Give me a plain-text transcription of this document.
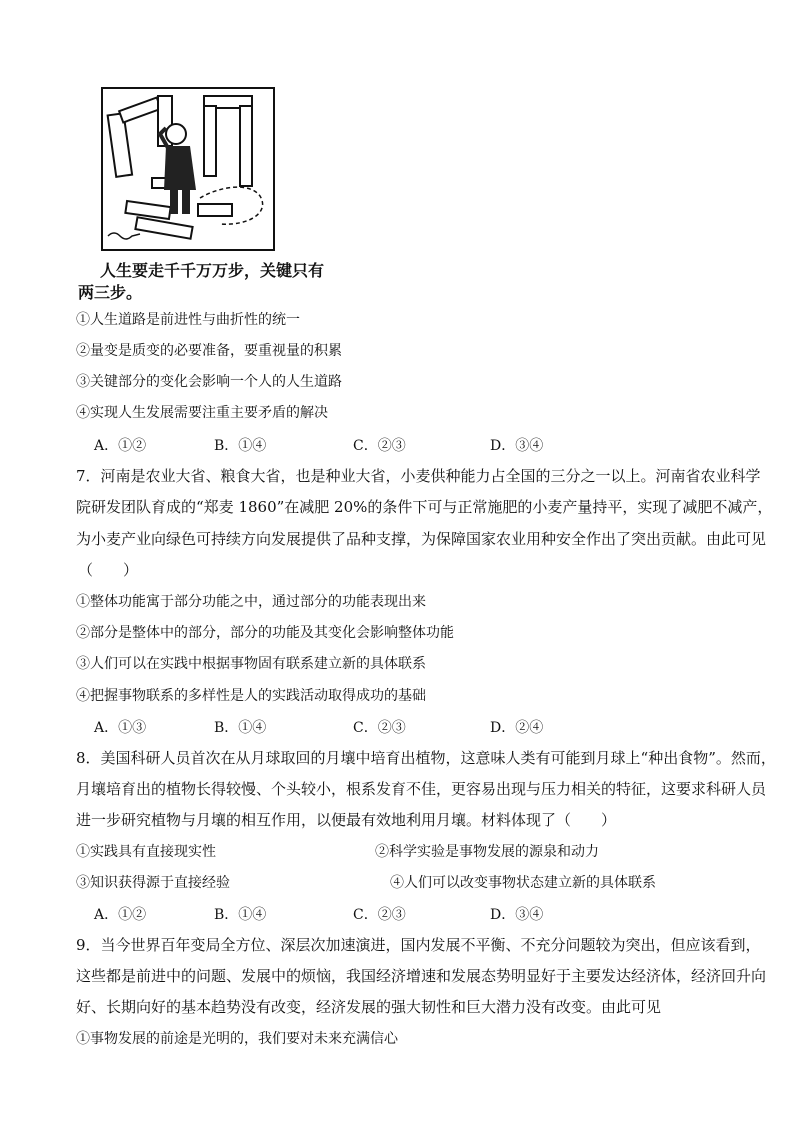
人生要走千千万万步，关键只有
两三步。
①人生道路是前进性与曲折性的统一
②量变是质变的必要准备，要重视量的积累
③关键部分的变化会影响一个人的人生道路
④实现人生发展需要注重主要矛盾的解决
A．①②	B．①④	C．②③	D．③④
7．河南是农业大省、粮食大省，也是种业大省，小麦供种能力占全国的三分之一以上。河南省农业科学
院研发团队育成的“郑麦 1860”在减肥 20%的条件下可与正常施肥的小麦产量持平，实现了减肥不减产，
为小麦产业向绿色可持续方向发展提供了品种支撑，为保障国家农业用种安全作出了突出贡献。由此可见
（　　）
①整体功能寓于部分功能之中，通过部分的功能表现出来
②部分是整体中的部分，部分的功能及其变化会影响整体功能
③人们可以在实践中根据事物固有联系建立新的具体联系
④把握事物联系的多样性是人的实践活动取得成功的基础
A．①③	B．①④	C．②③	D．②④
8．美国科研人员首次在从月球取回的月壤中培育出植物，这意味人类有可能到月球上“种出食物”。然而，
月壤培育出的植物长得较慢、个头较小，根系发育不佳，更容易出现与压力相关的特征，这要求科研人员
进一步研究植物与月壤的相互作用，以便最有效地利用月壤。材料体现了（　　）
①实践具有直接现实性	②科学实验是事物发展的源泉和动力
③知识获得源于直接经验	④人们可以改变事物状态建立新的具体联系
A．①②	B．①④	C．②③	D．③④
9．当今世界百年变局全方位、深层次加速演进，国内发展不平衡、不充分问题较为突出，但应该看到，
这些都是前进中的问题、发展中的烦恼，我国经济增速和发展态势明显好于主要发达经济体，经济回升向
好、长期向好的基本趋势没有改变，经济发展的强大韧性和巨大潜力没有改变。由此可见
①事物发展的前途是光明的，我们要对未来充满信心
